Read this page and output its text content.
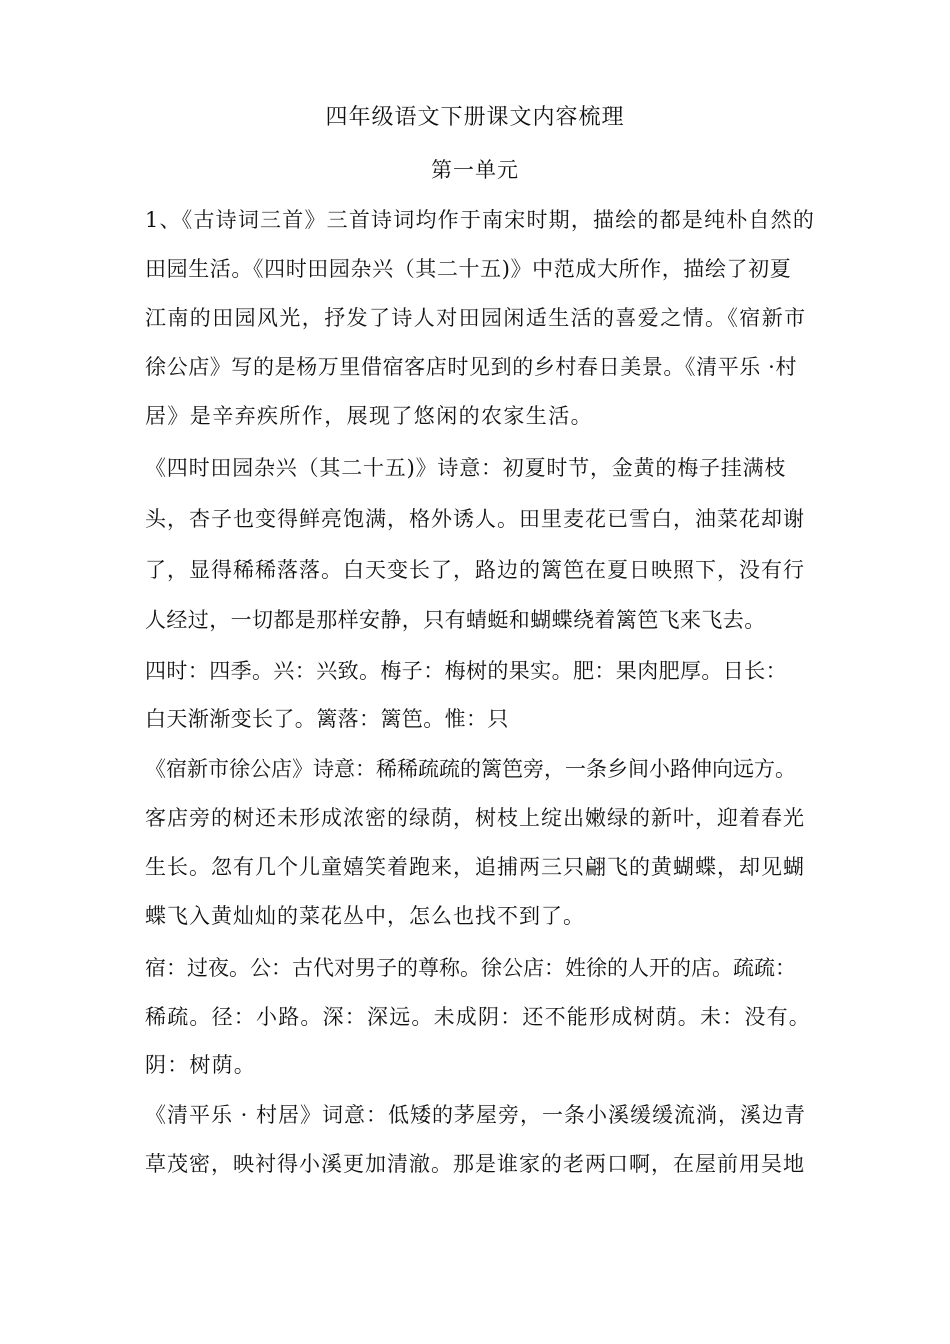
四年级语文下册课文内容梳理
第一单元
1、《古诗词三首》三首诗词均作于南宋时期，描绘的都是纯朴自然的
田园生活。《四时田园杂兴（其二十五)》中范成大所作，描绘了初夏
江南的田园风光，抒发了诗人对田园闲适生活的喜爱之情。《宿新市
徐公店》写的是杨万里借宿客店时见到的乡村春日美景。《清平乐 ·村
居》是辛弃疾所作，展现了悠闲的农家生活。
《四时田园杂兴（其二十五)》诗意：初夏时节，金黄的梅子挂满枝
头，杏子也变得鲜亮饱满，格外诱人。田里麦花已雪白，油菜花却谢
了，显得稀稀落落。白天变长了，路边的篱笆在夏日映照下，没有行
人经过，一切都是那样安静，只有蜻蜓和蝴蝶绕着篱笆飞来飞去。
四时：四季。兴：兴致。梅子：梅树的果实。肥：果肉肥厚。日长：
白天渐渐变长了。篱落：篱笆。惟：只
《宿新市徐公店》诗意：稀稀疏疏的篱笆旁，一条乡间小路伸向远方。
客店旁的树还未形成浓密的绿荫，树枝上绽出嫩绿的新叶，迎着春光
生长。忽有几个儿童嬉笑着跑来，追捕两三只翩飞的黄蝴蝶，却见蝴
蝶飞入黄灿灿的菜花丛中，怎么也找不到了。
宿：过夜。公：古代对男子的尊称。徐公店：姓徐的人开的店。疏疏：
稀疏。径：小路。深：深远。未成阴：还不能形成树荫。未：没有。
阴：树荫。
《清平乐 · 村居》词意：低矮的茅屋旁，一条小溪缓缓流淌，溪边青
草茂密，映衬得小溪更加清澈。那是谁家的老两口啊，在屋前用吴地
